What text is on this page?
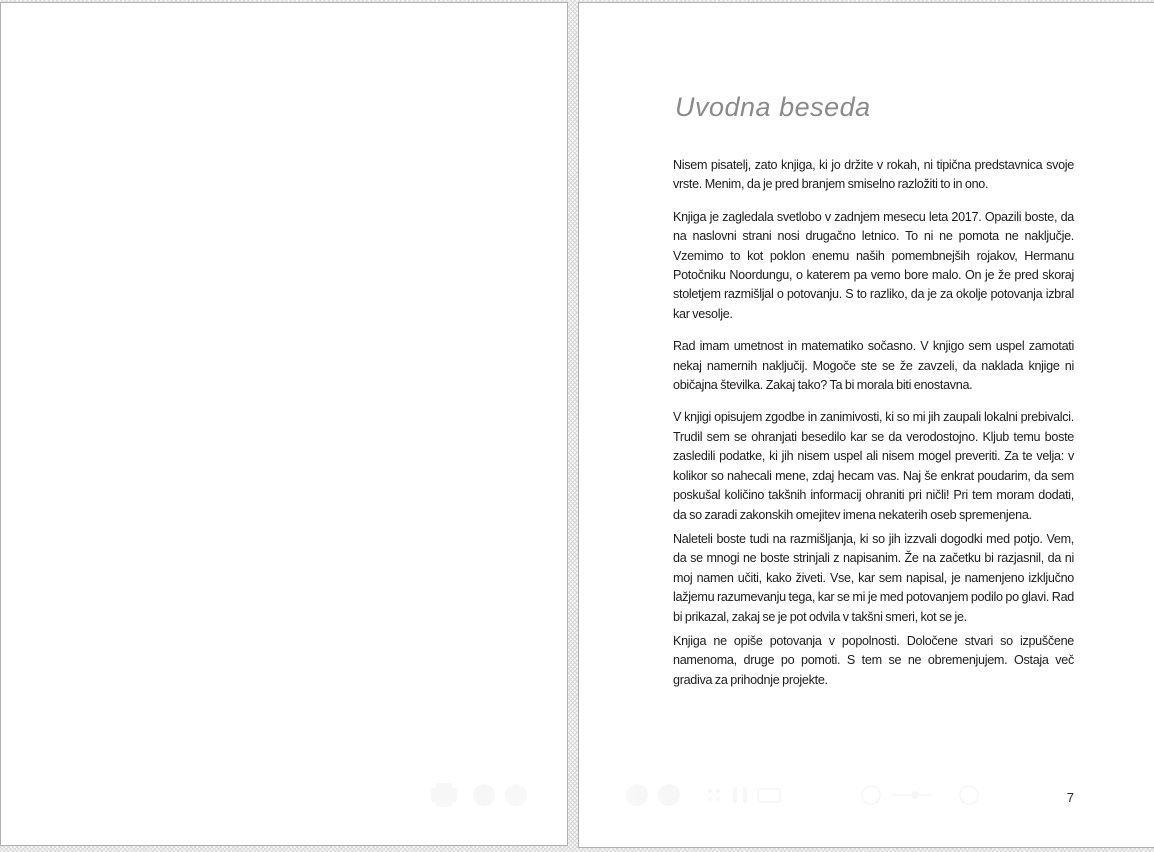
Uvodna beseda

Nisem pisatelj, zato knjiga, ki jo držite v rokah, ni tipična predstavnica svoje vrste. Menim, da je pred branjem smiselno razložiti to in ono.

Knjiga je zagledala svetlobo v zadnjem mesecu leta 2017. Opazili boste, da na naslovni strani nosi drugačno letnico. To ni ne pomota ne naključje. Vzemimo to kot poklon enemu naših pomembnejših rojakov, Hermanu Potočniku Noordungu, o katerem pa vemo bore malo. On je že pred skoraj stoletjem razmišljal o potovanju. S to razliko, da je za okolje potovanja izbral kar vesolje.

Rad imam umetnost in matematiko sočasno. V knjigo sem uspel zamotati nekaj namernih naključij. Mogoče ste se že zavzeli, da naklada knjige ni običajna številka. Zakaj tako? Ta bi morala biti enostavna.

V knjigi opisujem zgodbe in zanimivosti, ki so mi jih zaupali lokalni prebivalci. Trudil sem se ohranjati besedilo kar se da verodostojno. Kljub temu boste zasledili podatke, ki jih nisem uspel ali nisem mogel preveriti. Za te velja: v kolikor so nahecali mene, zdaj hecam vas. Naj še enkrat poudarim, da sem poskušal količino takšnih informacij ohraniti pri ničli! Pri tem moram dodati, da so zaradi zakonskih omejitev imena nekaterih oseb spremenjena.

Naleteli boste tudi na razmišljanja, ki so jih izzvali dogodki med potjo. Vem, da se mnogi ne boste strinjali z napisanim. Že na začetku bi razjasnil, da ni moj namen učiti, kako živeti. Vse, kar sem napisal, je namenjeno izključno lažjemu razumevanju tega, kar se mi je med potovanjem podilo po glavi. Rad bi prikazal, zakaj se je pot odvila v takšni smeri, kot se je.

Knjiga ne opiše potovanja v popolnosti. Določene stvari so izpuščene namenoma, druge po pomoti. S tem se ne obremenjujem. Ostaja več gradiva za prihodnje projekte.

7
